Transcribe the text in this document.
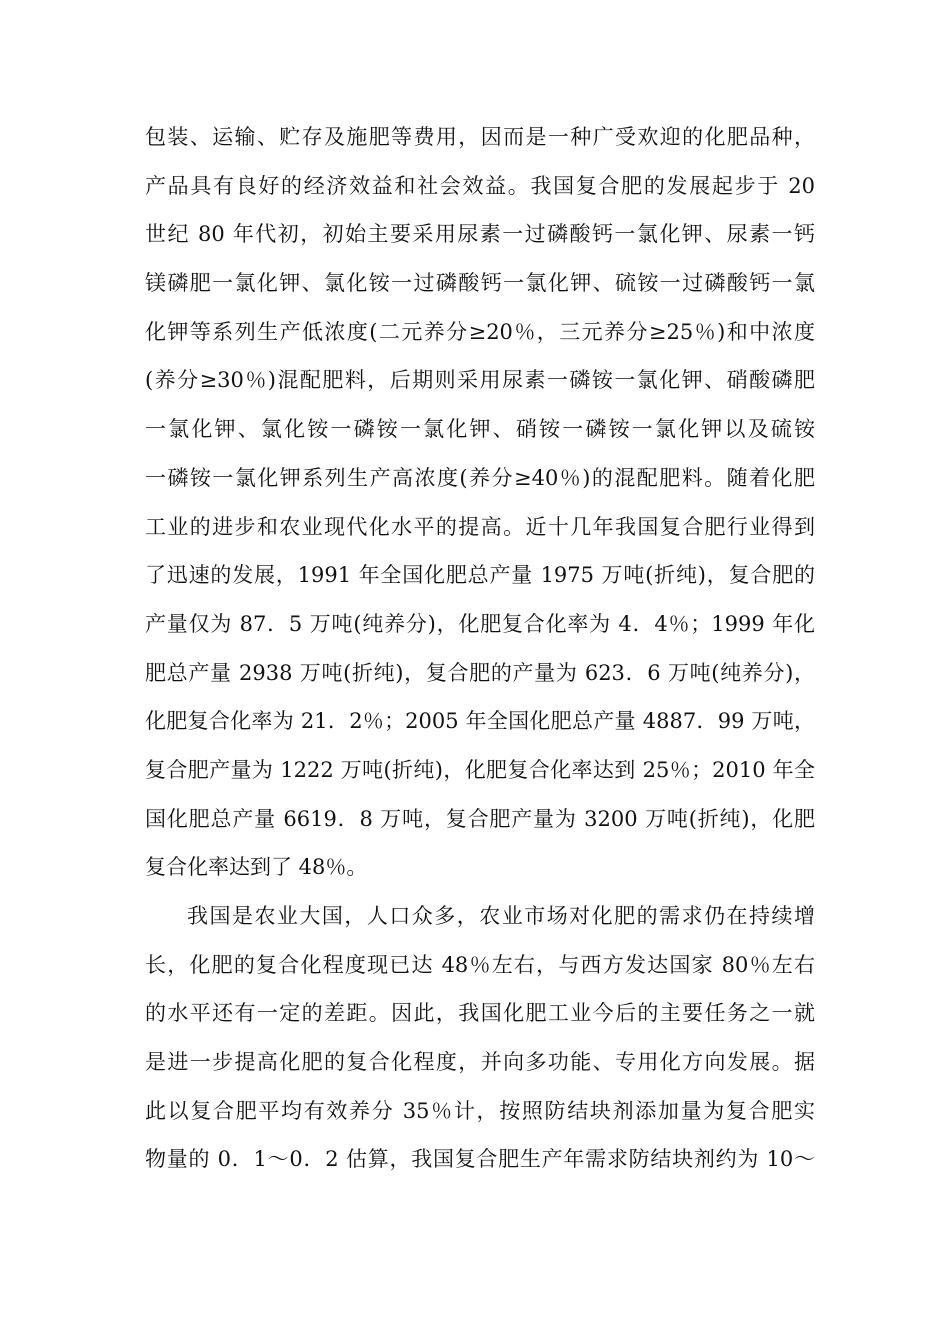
包装、运输、贮存及施肥等费用，因而是一种广受欢迎的化肥品种，
产品具有良好的经济效益和社会效益。我国复合肥的发展起步于 20
世纪 80 年代初，初始主要采用尿素一过磷酸钙一氯化钾、尿素一钙
镁磷肥一氯化钾、氯化铵一过磷酸钙一氯化钾、硫铵一过磷酸钙一氯
化钾等系列生产低浓度(二元养分≥20％，三元养分≥25％)和中浓度
(养分≥30％)混配肥料，后期则采用尿素一磷铵一氯化钾、硝酸磷肥
一氯化钾、氯化铵一磷铵一氯化钾、硝铵一磷铵一氯化钾以及硫铵
一磷铵一氯化钾系列生产高浓度(养分≥40％)的混配肥料。随着化肥
工业的进步和农业现代化水平的提高。近十几年我国复合肥行业得到
了迅速的发展，1991 年全国化肥总产量 1975 万吨(折纯)，复合肥的
产量仅为 87．5 万吨(纯养分)，化肥复合化率为 4．4％；1999 年化
肥总产量 2938 万吨(折纯)，复合肥的产量为 623．6 万吨(纯养分)，
化肥复合化率为 21．2％；2005 年全国化肥总产量 4887．99 万吨，
复合肥产量为 1222 万吨(折纯)，化肥复合化率达到 25％；2010 年全
国化肥总产量 6619．8 万吨，复合肥产量为 3200 万吨(折纯)，化肥
复合化率达到了 48％。
我国是农业大国，人口众多，农业市场对化肥的需求仍在持续增
长，化肥的复合化程度现已达 48％左右，与西方发达国家 80％左右
的水平还有一定的差距。因此，我国化肥工业今后的主要任务之一就
是进一步提高化肥的复合化程度，并向多功能、专用化方向发展。据
此以复合肥平均有效养分 35％计，按照防结块剂添加量为复合肥实
物量的 0．1～0．2 估算，我国复合肥生产年需求防结块剂约为 10～
